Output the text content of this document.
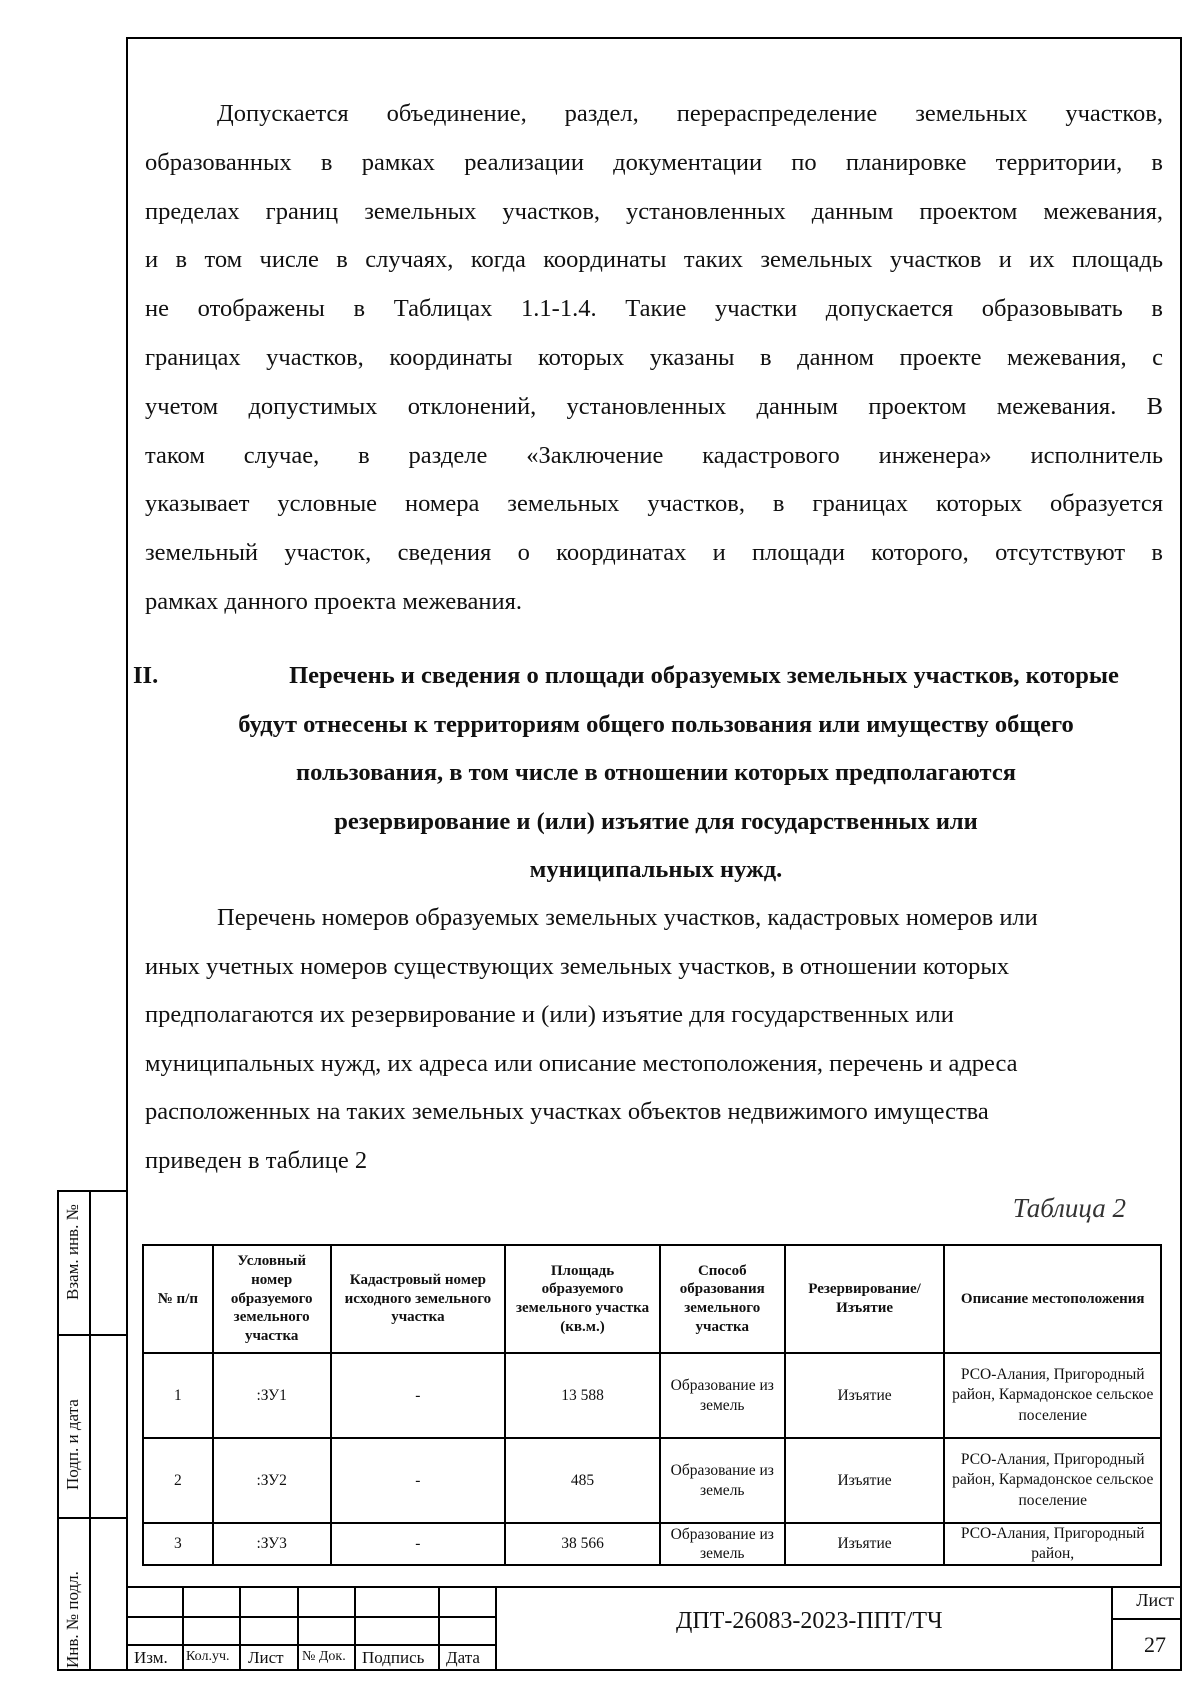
Допускается объединение, раздел, перераспределение земельных участков,
образованных в рамках реализации документации по планировке территории, в
пределах границ земельных участков, установленных данным проектом межевания,
и в том числе в случаях, когда координаты таких земельных участков и их площадь
не отображены в Таблицах 1.1-1.4. Такие участки допускается образовывать в
границах участков, координаты которых указаны в данном проекте межевания, с
учетом допустимых отклонений, установленных данным проектом межевания. В
таком случае, в разделе «Заключение кадастрового инженера» исполнитель
указывает условные номера земельных участков, в границах которых образуется
земельный участок, сведения о координатах и площади которого, отсутствуют в
рамках данного проекта межевания.
II.	Перечень и сведения о площади образуемых земельных участков, которые
будут отнесены к территориям общего пользования или имуществу общего
пользования, в том числе в отношении которых предполагаются
резервирование и (или) изъятие для государственных или
муниципальных нужд.
Перечень номеров образуемых земельных участков, кадастровых номеров или
иных учетных номеров существующих земельных участков, в отношении которых
предполагаются их резервирование и (или) изъятие для государственных или
муниципальных нужд, их адреса или описание местоположения, перечень и адреса
расположенных на таких земельных участках объектов недвижимого имущества
приведен в таблице 2
Таблица 2
№ п/п	Условный номер образуемого земельного участка	Кадастровый номер исходного земельного участка	Площадь образуемого земельного участка (кв.м.)	Способ образования земельного участка	Резервирование/ Изъятие	Описание местоположения
1	:ЗУ1	-	13 588	Образование из земель	Изъятие	РСО-Алания, Пригородный район, Кармадонское сельское поселение
2	:ЗУ2	-	485	Образование из земель	Изъятие	РСО-Алания, Пригородный район, Кармадонское сельское поселение
3	:ЗУ3	-	38 566	Образование из земель	Изъятие	РСО-Алания, Пригородный район,
Взам. инв. №
Подп. и дата
Инв. № подл.	Изм. Кол.уч. Лист № Док. Подпись Дата
ДПТ-26083-2023-ППТ/ТЧ
Лист
27
